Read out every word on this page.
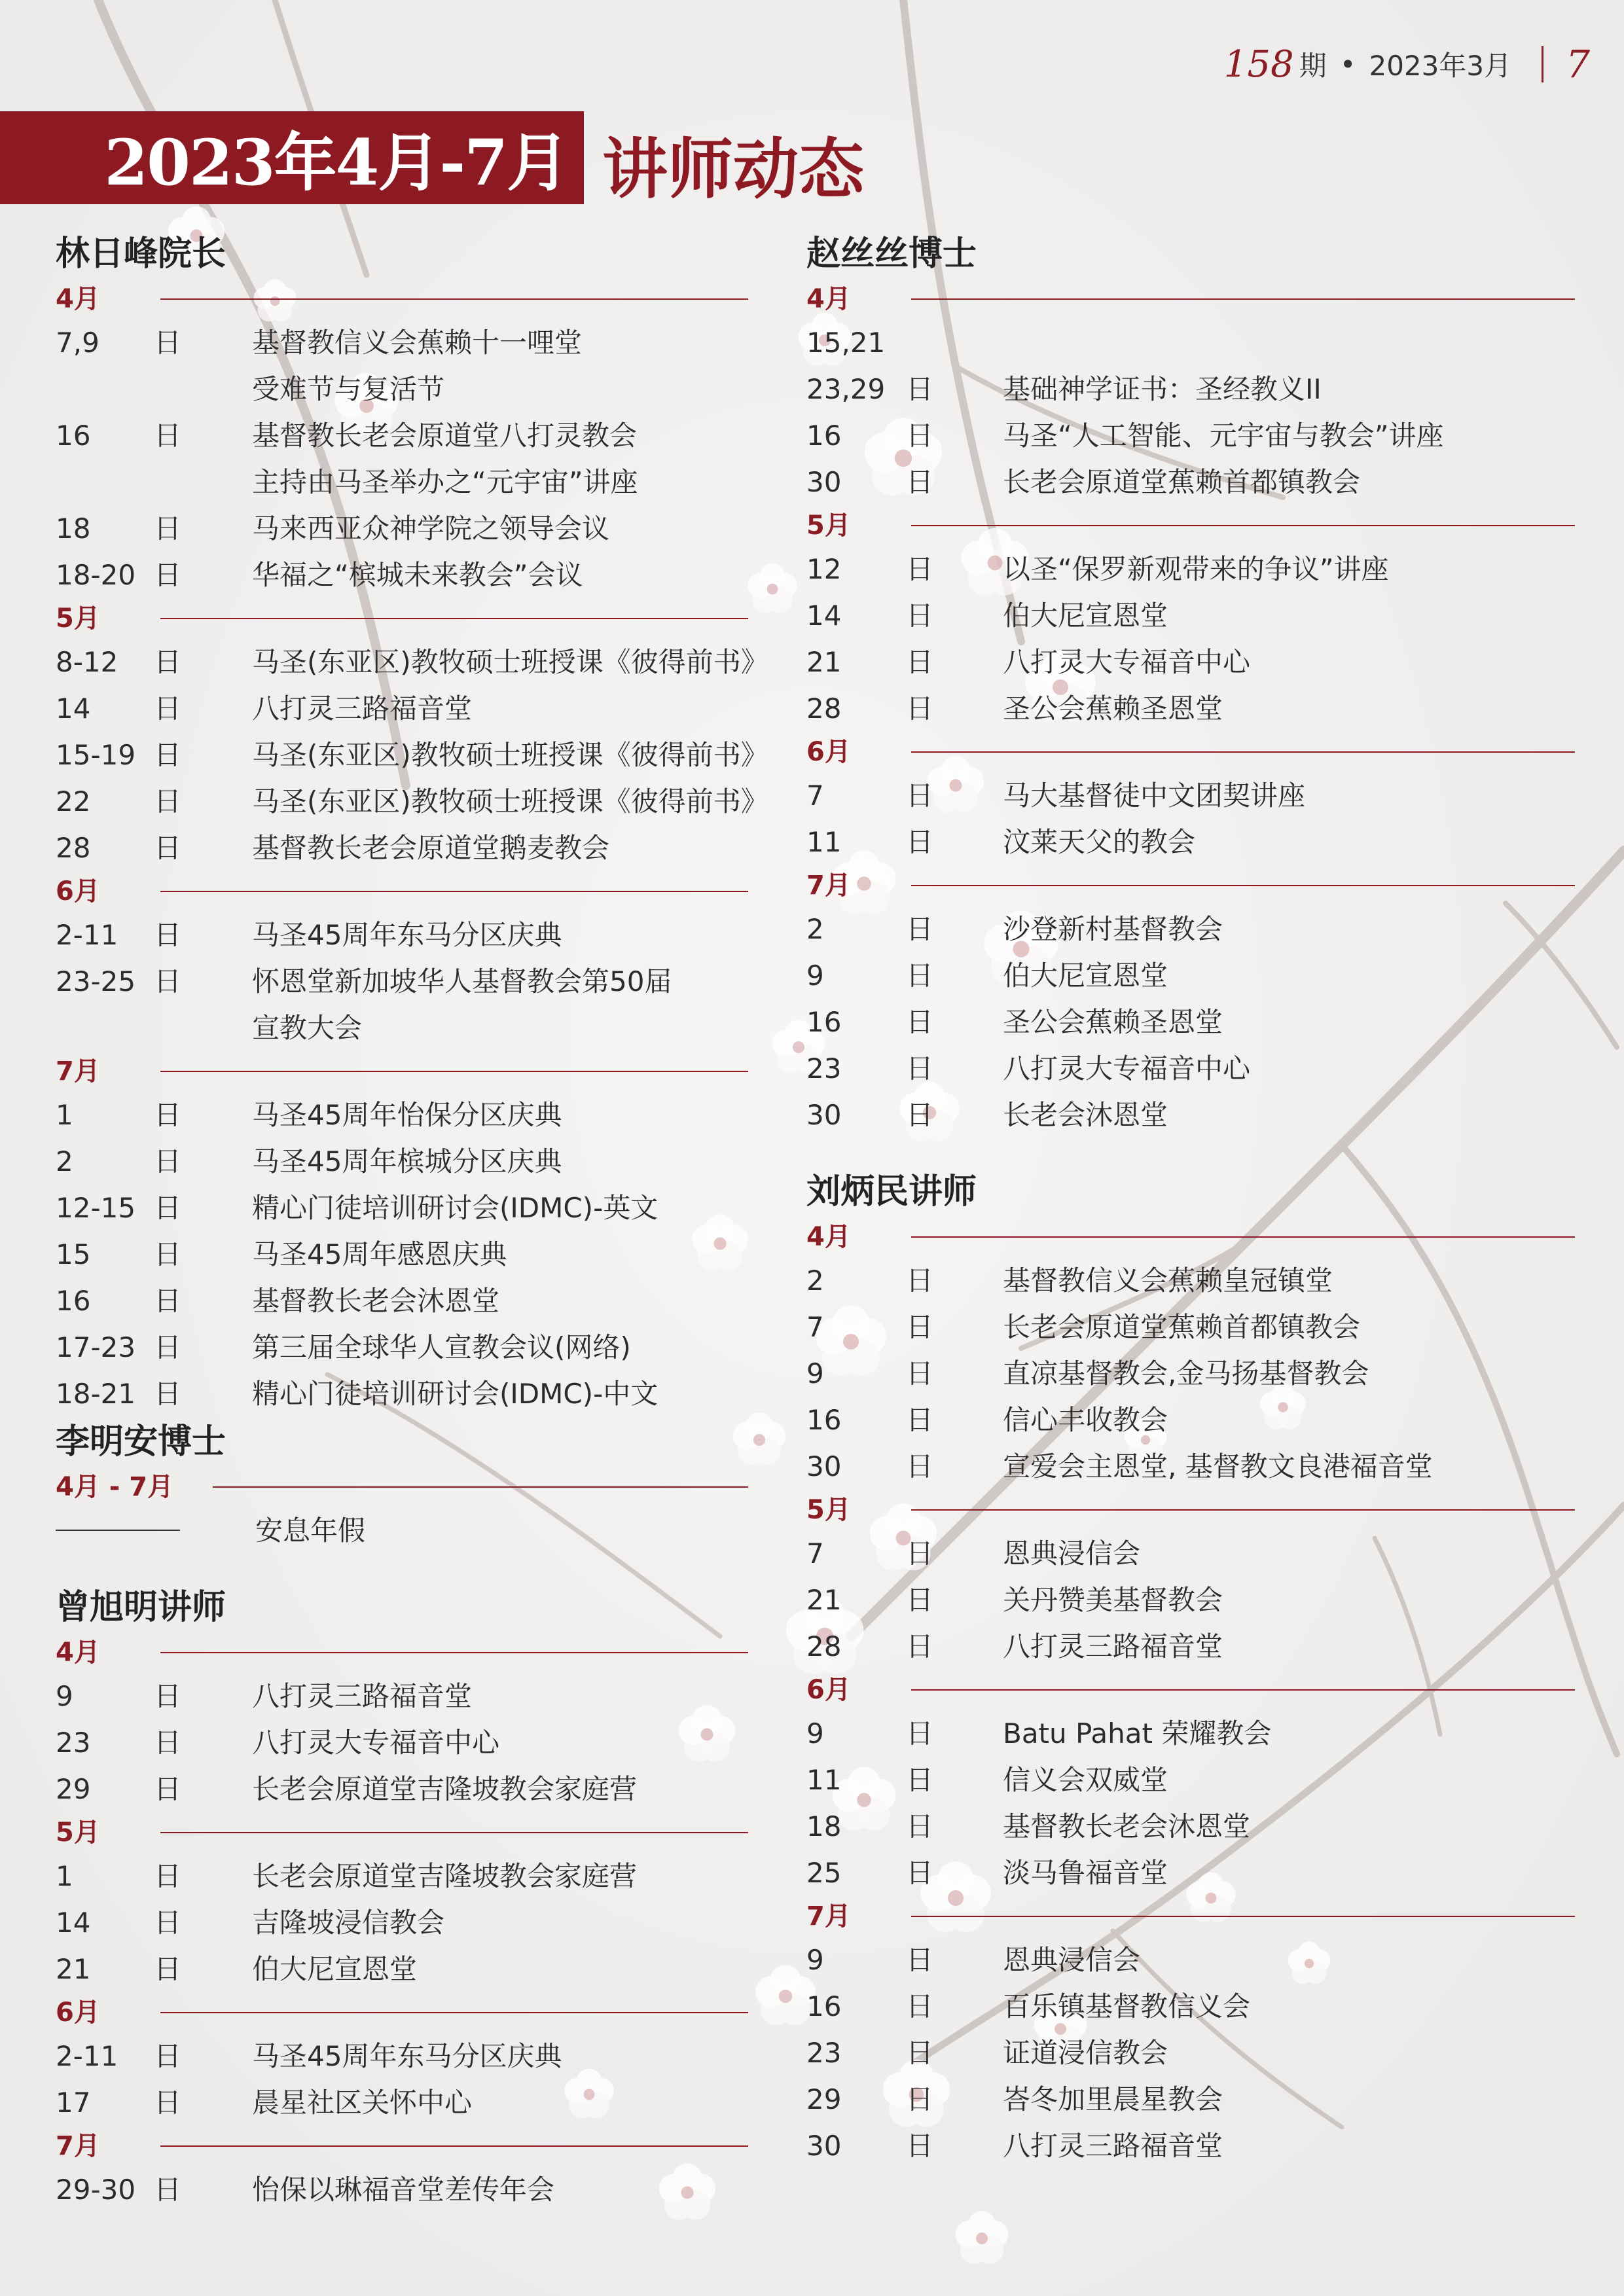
158 期 • 2023年3月 7
2023年4月-7月 讲师动态
林日峰院长
4月
7,9 日	基督教信义会蕉赖十一哩堂
受难节与复活节
16 日	基督教长老会原道堂八打灵教会
主持由马圣举办之“元宇宙”讲座
18 日	马来西亚众神学院之领导会议
18-20 日	华福之“槟城未来教会”会议
5月
8-12 日	马圣(东亚区)教牧硕士班授课《彼得前书》
14 日	八打灵三路福音堂
15-19 日	马圣(东亚区)教牧硕士班授课《彼得前书》
22 日	马圣(东亚区)教牧硕士班授课《彼得前书》
28 日	基督教长老会原道堂鹅麦教会
6月
2-11 日	马圣45周年东马分区庆典
23-25 日	怀恩堂新加坡华人基督教会第50届
宣教大会
7月
1	日	马圣45周年怡保分区庆典
2	日	马圣45周年槟城分区庆典
12-15 日	精心门徒培训研讨会(IDMC)-英文
15 日	马圣45周年感恩庆典
16 日	基督教长老会沐恩堂
17-23 日	第三届全球华人宣教会议(网络)
18-21 日	精心门徒培训研讨会(IDMC)-中文
李明安博士
4月 - 7月
安息年假
曾旭明讲师
4月
9	日	八打灵三路福音堂
23 日	八打灵大专福音中心
29 日	长老会原道堂吉隆坡教会家庭营
5月
1	日	长老会原道堂吉隆坡教会家庭营
14 日	吉隆坡浸信教会
21 日	伯大尼宣恩堂
6月
2-11 日	马圣45周年东马分区庆典
17 日	晨星社区关怀中心
7月
29-30 日	怡保以琳福音堂差传年会
赵丝丝博士
4月
15,21
23,29 日	基础神学证书：圣经教义II
16 日	马圣“人工智能、元宇宙与教会”讲座
30 日	长老会原道堂蕉赖首都镇教会
5月
12 日	以圣“保罗新观带来的争议”讲座
14 日	伯大尼宣恩堂
21 日	八打灵大专福音中心
28 日	圣公会蕉赖圣恩堂
6月
7	日	马大基督徒中文团契讲座
11 日	汶莱天父的教会
7月
2	日	沙登新村基督教会
9	日	伯大尼宣恩堂
16 日	圣公会蕉赖圣恩堂
23 日	八打灵大专福音中心
30 日	长老会沐恩堂
刘炳民讲师
4月
2	日	基督教信义会蕉赖皇冠镇堂
7	日	长老会原道堂蕉赖首都镇教会
9	日	直凉基督教会,金马扬基督教会
16 日	信心丰收教会
30 日	宣爱会主恩堂, 基督教文良港福音堂
5月
7	日	恩典浸信会
21 日	关丹赞美基督教会
28 日	八打灵三路福音堂
6月
9	日	Batu Pahat 荣耀教会
11 日	信义会双威堂
18 日	基督教长老会沐恩堂
25 日	淡马鲁福音堂
7月
9	日	恩典浸信会
16 日	百乐镇基督教信义会
23 日	证道浸信教会
29 日	峇冬加里晨星教会
30 日	八打灵三路福音堂
